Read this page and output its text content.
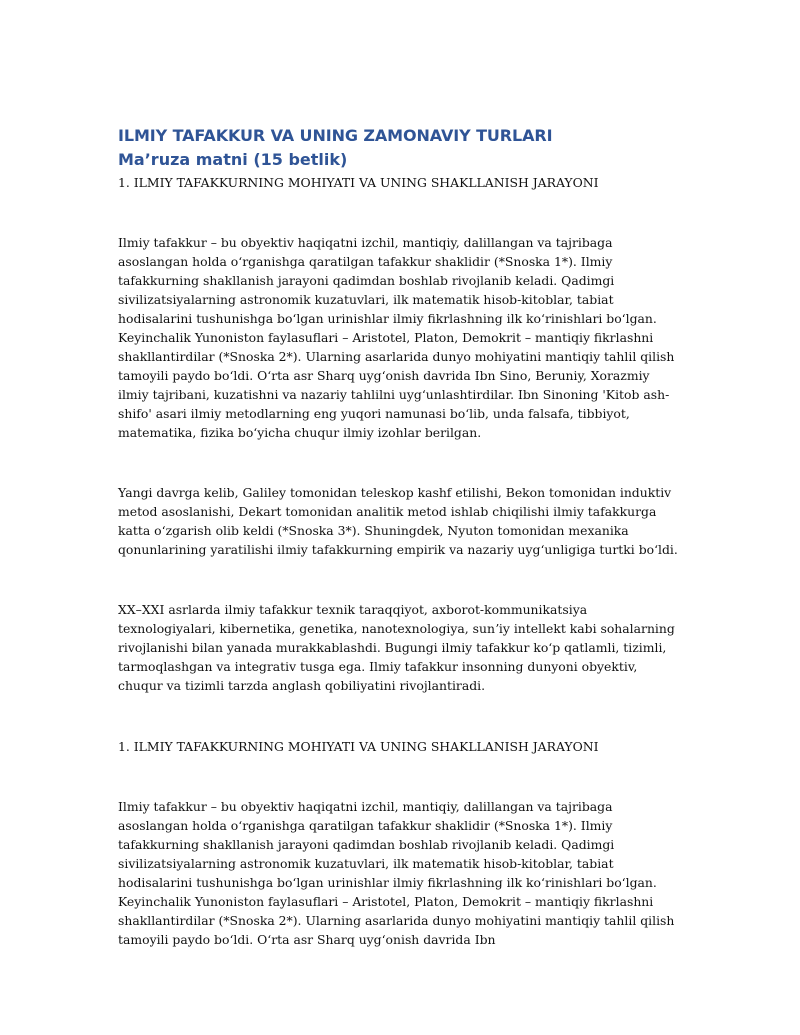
ILMIY TAFAKKUR VA UNING ZAMONAVIY TURLARI
Ma’ruza matni (15 betlik)

1. ILMIY TAFAKKURNING MOHIYATI VA UNING SHAKLLANISH JARAYONI

Ilmiy tafakkur – bu obyektiv haqiqatni izchil, mantiqiy, dalillangan va tajribaga asoslangan holda oʻrganishga qaratilgan tafakkur shaklidir (*Snoska 1*). Ilmiy tafakkurning shakllanish jarayoni qadimdan boshlab rivojlanib keladi. Qadimgi sivilizatsiyalarning astronomik kuzatuvlari, ilk matematik hisob-kitoblar, tabiat hodisalarini tushunishga boʻlgan urinishlar ilmiy fikrlashning ilk koʻrinishlari boʻlgan. Keyinchalik Yunoniston faylasuflari – Aristotel, Platon, Demokrit – mantiqiy fikrlashni shakllantirdilar (*Snoska 2*). Ularning asarlarida dunyo mohiyatini mantiqiy tahlil qilish tamoyili paydo boʻldi. Oʻrta asr Sharq uygʻonish davrida Ibn Sino, Beruniy, Xorazmiy ilmiy tajribani, kuzatishni va nazariy tahlilni uygʻunlashtirdilar. Ibn Sinoning 'Kitob ash-shifo' asari ilmiy metodlarning eng yuqori namunasi boʻlib, unda falsafa, tibbiyot, matematika, fizika boʻyicha chuqur ilmiy izohlar berilgan.

Yangi davrga kelib, Galiley tomonidan teleskop kashf etilishi, Bekon tomonidan induktiv metod asoslanishi, Dekart tomonidan analitik metod ishlab chiqilishi ilmiy tafakkurga katta oʻzgarish olib keldi (*Snoska 3*). Shuningdek, Nyuton tomonidan mexanika qonunlarining yaratilishi ilmiy tafakkurning empirik va nazariy uygʻunligiga turtki boʻldi.

XX–XXI asrlarda ilmiy tafakkur texnik taraqqiyot, axborot-kommunikatsiya texnologiyalari, kibernetika, genetika, nanotexnologiya, sunʼiy intellekt kabi sohalarning rivojlanishi bilan yanada murakkablashdi. Bugungi ilmiy tafakkur koʻp qatlamli, tizimli, tarmoqlashgan va integrativ tusga ega. Ilmiy tafakkur insonning dunyoni obyektiv, chuqur va tizimli tarzda anglash qobiliyatini rivojlantiradi.

1. ILMIY TAFAKKURNING MOHIYATI VA UNING SHAKLLANISH JARAYONI

Ilmiy tafakkur – bu obyektiv haqiqatni izchil, mantiqiy, dalillangan va tajribaga asoslangan holda oʻrganishga qaratilgan tafakkur shaklidir (*Snoska 1*). Ilmiy tafakkurning shakllanish jarayoni qadimdan boshlab rivojlanib keladi. Qadimgi sivilizatsiyalarning astronomik kuzatuvlari, ilk matematik hisob-kitoblar, tabiat hodisalarini tushunishga boʻlgan urinishlar ilmiy fikrlashning ilk koʻrinishlari boʻlgan. Keyinchalik Yunoniston faylasuflari – Aristotel, Platon, Demokrit – mantiqiy fikrlashni shakllantirdilar (*Snoska 2*). Ularning asarlarida dunyo mohiyatini mantiqiy tahlil qilish tamoyili paydo boʻldi. Oʻrta asr Sharq uygʻonish davrida Ibn
